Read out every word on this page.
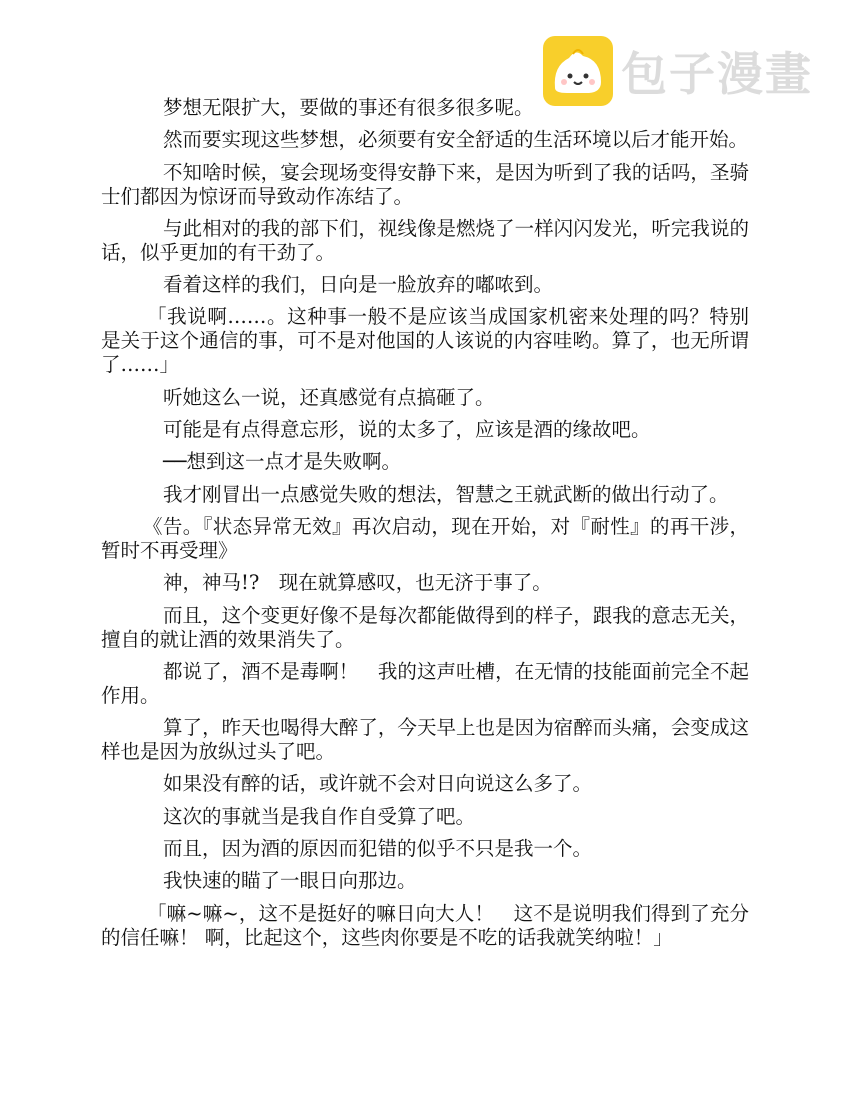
包子漫畫

梦想无限扩大，要做的事还有很多很多呢。

然而要实现这些梦想，必须要有安全舒适的生活环境以后才能开始。

不知啥时候，宴会现场变得安静下来，是因为听到了我的话吗，圣骑士们都因为惊讶而导致动作冻结了。

与此相对的我的部下们，视线像是燃烧了一样闪闪发光，听完我说的话，似乎更加的有干劲了。

看着这样的我们，日向是一脸放弃的嘟哝到。

「我说啊……。这种事一般不是应该当成国家机密来处理的吗？特别是关于这个通信的事，可不是对他国的人该说的内容哇哟。算了，也无所谓了……」

听她这么一说，还真感觉有点搞砸了。

可能是有点得意忘形，说的太多了，应该是酒的缘故吧。

──想到这一点才是失败啊。

我才刚冒出一点感觉失败的想法，智慧之王就武断的做出行动了。

《告。『状态异常无效』再次启动，现在开始，对『耐性』的再干涉，暂时不再受理》

神，神马!?　现在就算感叹，也无济于事了。

而且，这个变更好像不是每次都能做得到的样子，跟我的意志无关，擅自的就让酒的效果消失了。

都说了，酒不是毒啊！　我的这声吐槽，在无情的技能面前完全不起作用。

算了，昨天也喝得大醉了，今天早上也是因为宿醉而头痛，会变成这样也是因为放纵过头了吧。

如果没有醉的话，或许就不会对日向说这么多了。

这次的事就当是我自作自受算了吧。

而且，因为酒的原因而犯错的似乎不只是我一个。

我快速的瞄了一眼日向那边。

「嘛~嘛~，这不是挺好的嘛日向大人！　这不是说明我们得到了充分的信任嘛！ 啊，比起这个，这些肉你要是不吃的话我就笑纳啦！」
